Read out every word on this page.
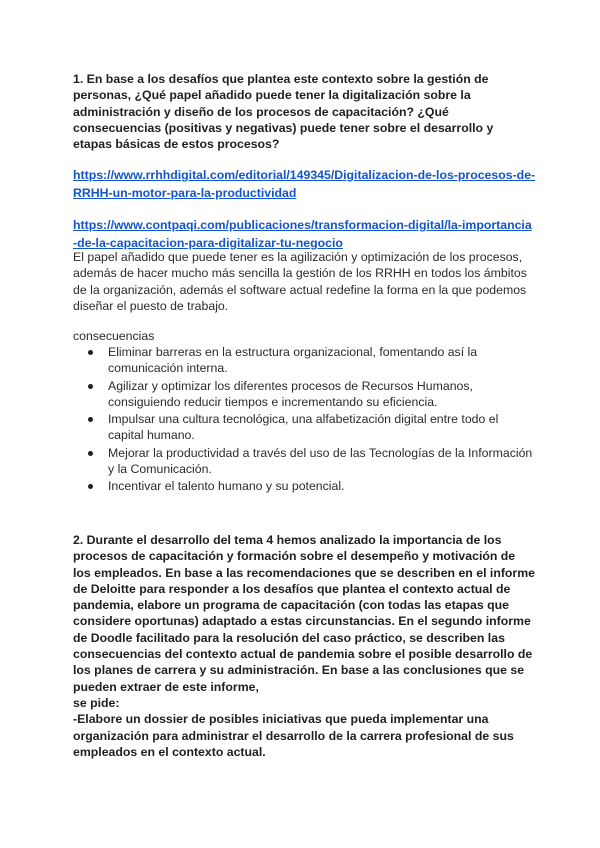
1. En base a los desafíos que plantea este contexto sobre la gestión de
personas, ¿Qué papel añadido puede tener la digitalización sobre la
administración y diseño de los procesos de capacitación? ¿Qué
consecuencias (positivas y negativas) puede tener sobre el desarrollo y
etapas básicas de estos procesos?
https://www.rrhhdigital.com/editorial/149345/Digitalizacion-de-los-procesos-de-
RRHH-un-motor-para-la-productividad
https://www.contpaqi.com/publicaciones/transformacion-digital/la-importancia
-de-la-capacitacion-para-digitalizar-tu-negocio
El papel añadido que puede tener es la agilización y optimización de los procesos,
además de hacer mucho más sencilla la gestión de los RRHH en todos los ámbitos
de la organización, además el software actual redefine la forma en la que podemos
diseñar el puesto de trabajo.
consecuencias
Eliminar barreras en la estructura organizacional, fomentando así la
comunicación interna.
Agilizar y optimizar los diferentes procesos de Recursos Humanos,
consiguiendo reducir tiempos e incrementando su eficiencia.
Impulsar una cultura tecnológica, una alfabetización digital entre todo el
capital humano.
Mejorar la productividad a través del uso de las Tecnologías de la Información
y la Comunicación.
Incentivar el talento humano y su potencial.
2. Durante el desarrollo del tema 4 hemos analizado la importancia de los
procesos de capacitación y formación sobre el desempeño y motivación de
los empleados. En base a las recomendaciones que se describen en el informe
de Deloitte para responder a los desafíos que plantea el contexto actual de
pandemia, elabore un programa de capacitación (con todas las etapas que
considere oportunas) adaptado a estas circunstancias. En el segundo informe
de Doodle facilitado para la resolución del caso práctico, se describen las
consecuencias del contexto actual de pandemia sobre el posible desarrollo de
los planes de carrera y su administración. En base a las conclusiones que se
pueden extraer de este informe,
se pide:
-Elabore un dossier de posibles iniciativas que pueda implementar una
organización para administrar el desarrollo de la carrera profesional de sus
empleados en el contexto actual.
